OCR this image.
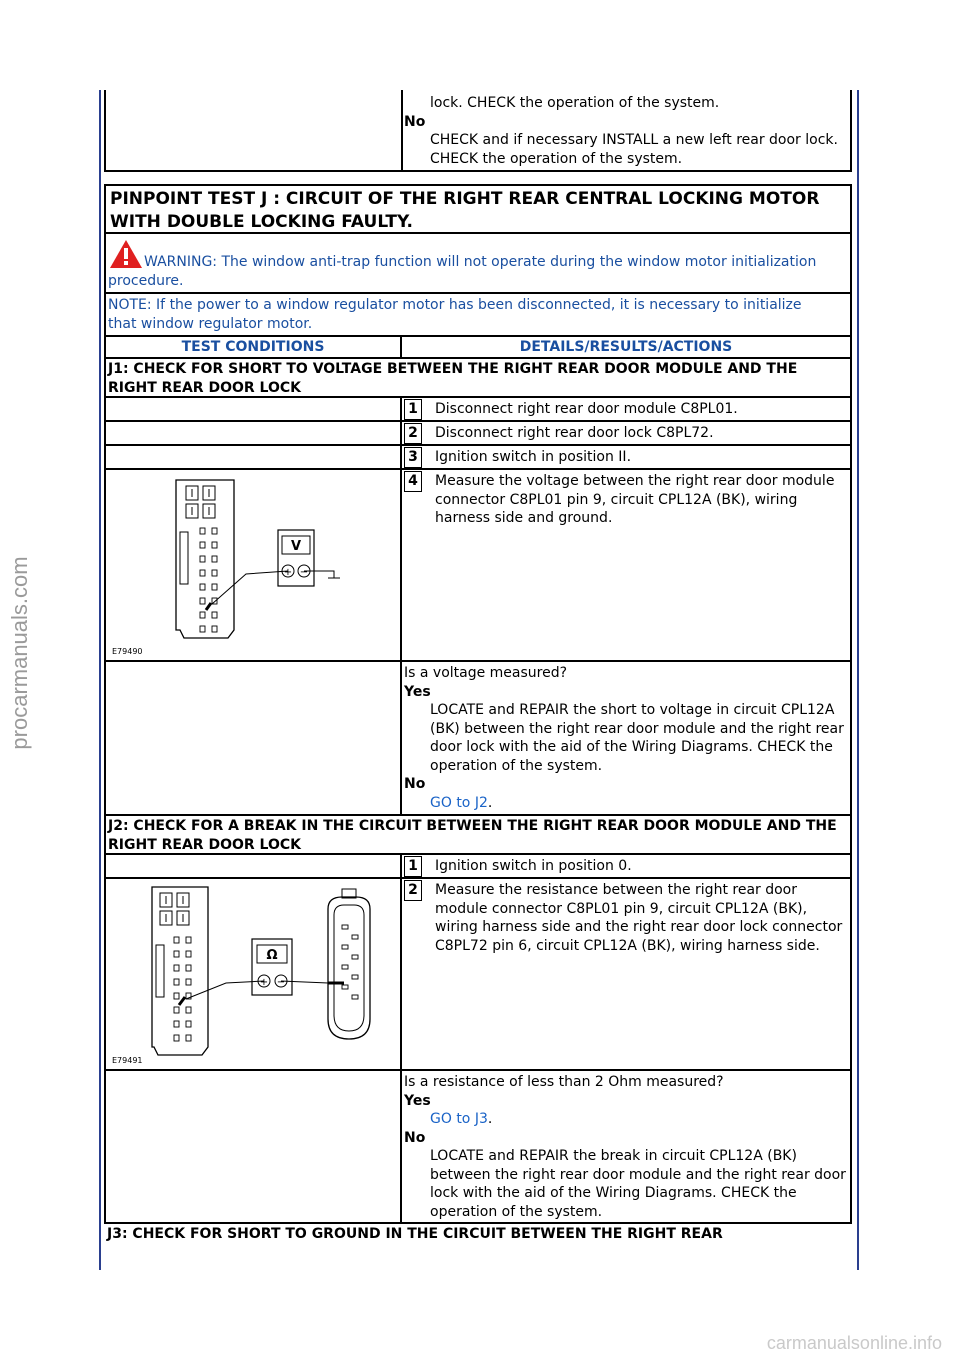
procarmanuals.com
carmanualsonline.info
lock. CHECK the operation of the system.
No
CHECK and if necessary INSTALL a new left rear door lock. CHECK the operation of the system.
PINPOINT TEST J : CIRCUIT OF THE RIGHT REAR CENTRAL LOCKING MOTOR WITH DOUBLE LOCKING FAULTY.
WARNING: The window anti-trap function will not operate during the window motor initialization procedure.
NOTE: If the power to a window regulator motor has been disconnected, it is necessary to initialize that window regulator motor.
TEST CONDITIONS	DETAILS/RESULTS/ACTIONS
J1: CHECK FOR SHORT TO VOLTAGE BETWEEN THE RIGHT REAR DOOR MODULE AND THE RIGHT REAR DOOR LOCK
1 Disconnect right rear door module C8PL01.
2 Disconnect right rear door lock C8PL72.
3 Ignition switch in position II.
4 Measure the voltage between the right rear door module connector C8PL01 pin 9, circuit CPL12A (BK), wiring harness side and ground.
V
+ −
E79490
Is a voltage measured?
Yes
LOCATE and REPAIR the short to voltage in circuit CPL12A (BK) between the right rear door module and the right rear door lock with the aid of the Wiring Diagrams. CHECK the operation of the system.
No
GO to J2.
J2: CHECK FOR A BREAK IN THE CIRCUIT BETWEEN THE RIGHT REAR DOOR MODULE AND THE RIGHT REAR DOOR LOCK
1 Ignition switch in position 0.
2 Measure the resistance between the right rear door module connector C8PL01 pin 9, circuit CPL12A (BK), wiring harness side and the right rear door lock connector C8PL72 pin 6, circuit CPL12A (BK), wiring harness side.
Ω
+ −
E79491
Is a resistance of less than 2 Ohm measured?
Yes
GO to J3.
No
LOCATE and REPAIR the break in circuit CPL12A (BK) between the right rear door module and the right rear door lock with the aid of the Wiring Diagrams. CHECK the operation of the system.
J3: CHECK FOR SHORT TO GROUND IN THE CIRCUIT BETWEEN THE RIGHT REAR
